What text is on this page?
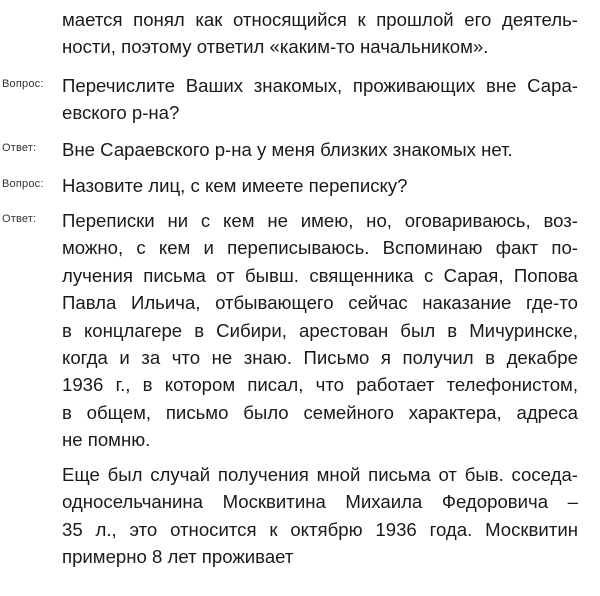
мается понял как относящийся к прошлой его деятель-
ности, поэтому ответил «каким-то начальником».
Вопрос: Перечислите Ваших знакомых, проживающих вне Сара-
евского р-на?
Ответ: Вне Сараевского р-на у меня близких знакомых нет.
Вопрос: Назовите лиц, с кем имеете переписку?
Ответ: Переписки ни с кем не имею, но, оговариваюсь, воз-
можно, с кем и переписываюсь. Вспоминаю факт по-
лучения письма от бывш. священника с Сарая, Попова
Павла Ильича, отбывающего сейчас наказание где-то
в концлагере в Сибири, арестован был в Мичуринске,
когда и за что не знаю. Письмо я получил в декабре
1936 г., в котором писал, что работает телефонистом,
в общем, письмо было семейного характера, адреса
не помню.
Еще был случай получения мной письма от быв. соседа-
односельчанина Москвитина Михаила Федоровича –
35 л., это относится к октябрю 1936 года. Москвитин
примерно 8 лет проживает
